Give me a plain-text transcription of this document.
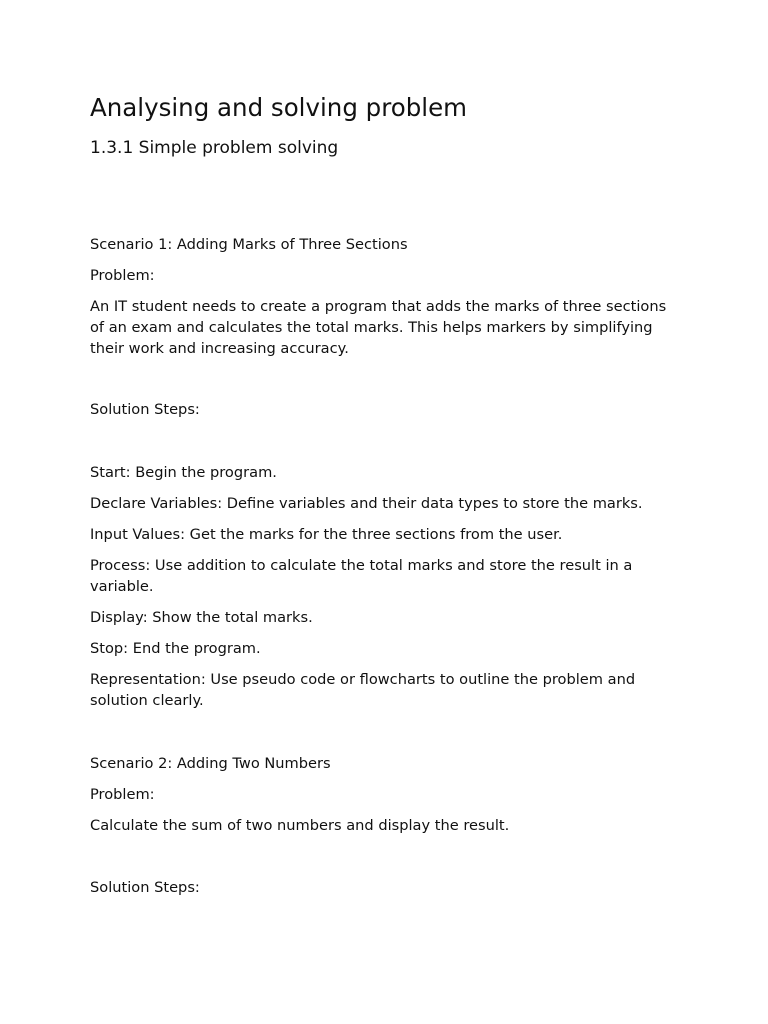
Analysing and solving problem
1.3.1 Simple problem solving

Scenario 1: Adding Marks of Three Sections

Problem:

An IT student needs to create a program that adds the marks of three sections of an exam and calculates the total marks. This helps markers by simplifying their work and increasing accuracy.

Solution Steps:

Start: Begin the program.

Declare Variables: Define variables and their data types to store the marks.

Input Values: Get the marks for the three sections from the user.

Process: Use addition to calculate the total marks and store the result in a variable.

Display: Show the total marks.

Stop: End the program.

Representation: Use pseudo code or flowcharts to outline the problem and solution clearly.

Scenario 2: Adding Two Numbers

Problem:

Calculate the sum of two numbers and display the result.

Solution Steps:
